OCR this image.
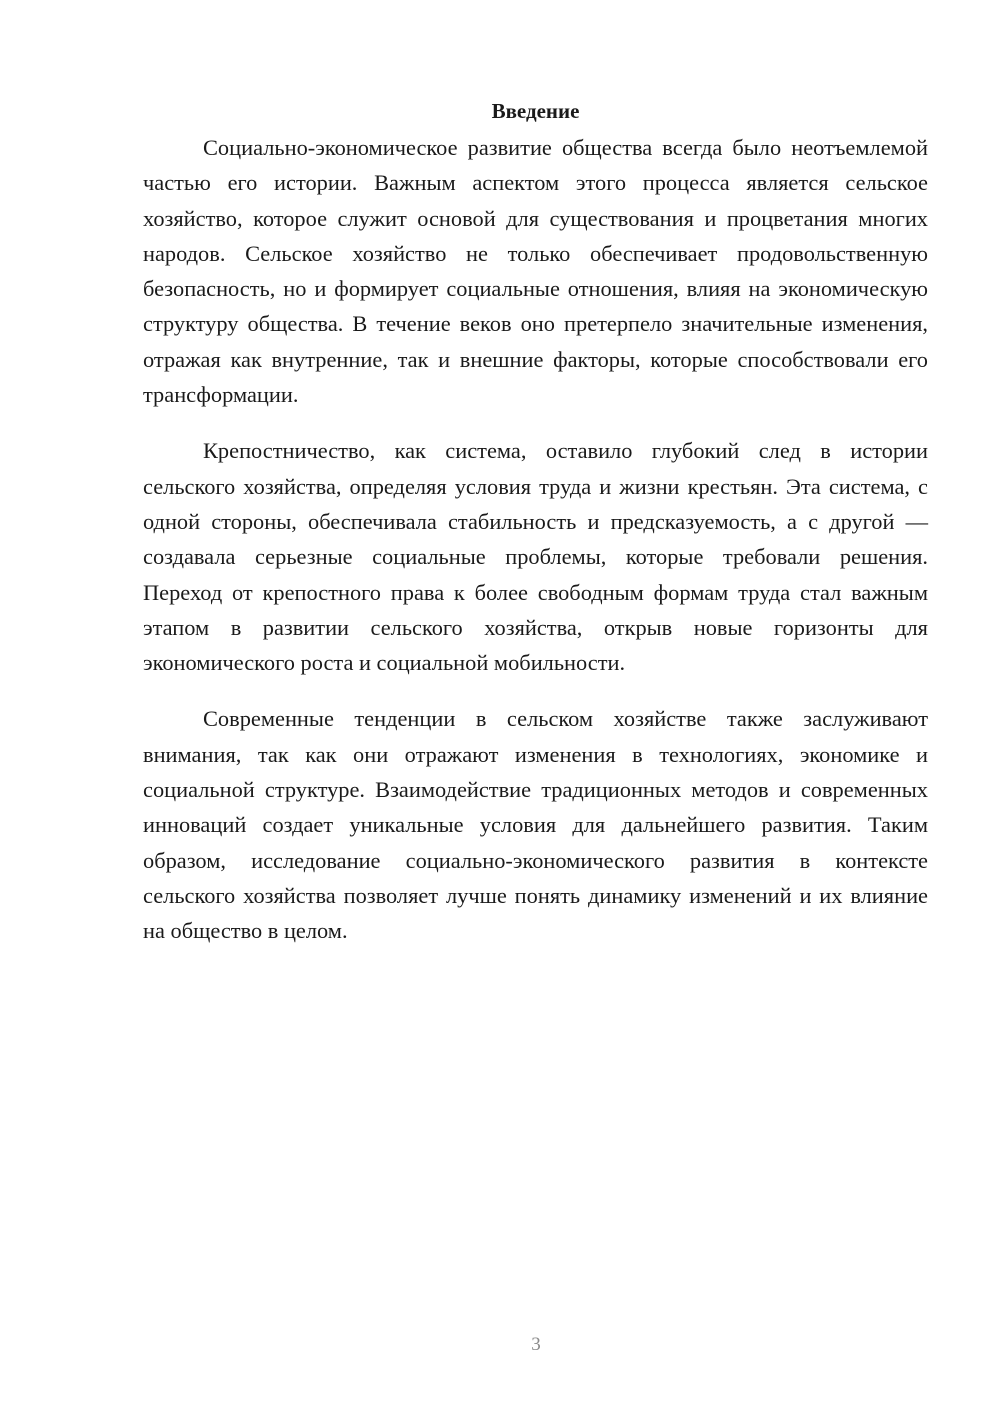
Введение

Социально-экономическое развитие общества всегда было неотъемлемой частью его истории. Важным аспектом этого процесса является сельское хозяйство, которое служит основой для существования и процветания многих народов. Сельское хозяйство не только обеспечивает продовольственную безопасность, но и формирует социальные отношения, влияя на экономическую структуру общества. В течение веков оно претерпело значительные изменения, отражая как внутренние, так и внешние факторы, которые способствовали его трансформации.

Крепостничество, как система, оставило глубокий след в истории сельского хозяйства, определяя условия труда и жизни крестьян. Эта система, с одной стороны, обеспечивала стабильность и предсказуемость, а с другой — создавала серьезные социальные проблемы, которые требовали решения. Переход от крепостного права к более свободным формам труда стал важным этапом в развитии сельского хозяйства, открыв новые горизонты для экономического роста и социальной мобильности.

Современные тенденции в сельском хозяйстве также заслуживают внимания, так как они отражают изменения в технологиях, экономике и социальной структуре. Взаимодействие традиционных методов и современных инноваций создает уникальные условия для дальнейшего развития. Таким образом, исследование социально-экономического развития в контексте сельского хозяйства позволяет лучше понять динамику изменений и их влияние на общество в целом.

3
